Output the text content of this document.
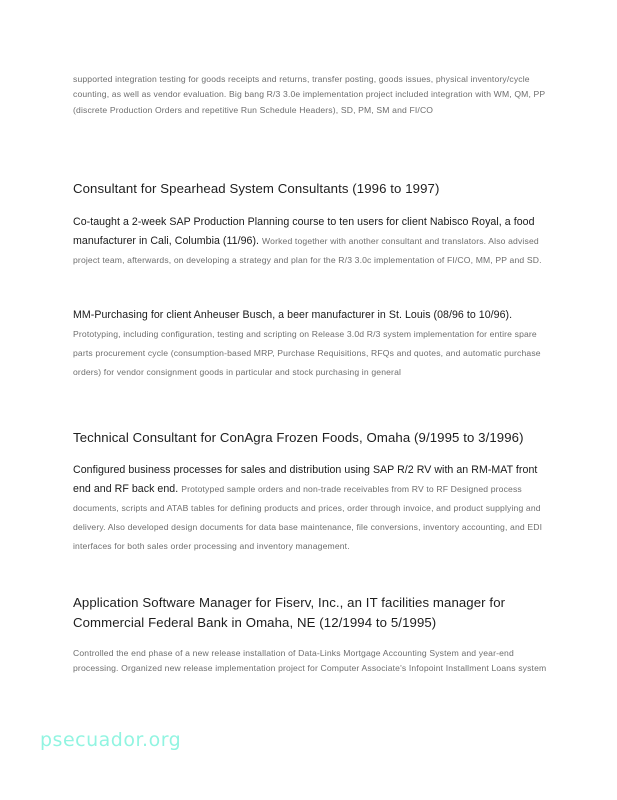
supported integration testing for goods receipts and returns, transfer posting, goods issues, physical inventory/cycle counting, as well as vendor evaluation. Big bang R/3 3.0e implementation project included integration with WM, QM, PP (discrete Production Orders and repetitive Run Schedule Headers), SD, PM, SM and FI/CO
Consultant for Spearhead System Consultants (1996 to 1997)
Co-taught a 2-week SAP Production Planning course to ten users for client Nabisco Royal, a food manufacturer in Cali, Columbia (11/96). Worked together with another consultant and translators. Also advised project team, afterwards, on developing a strategy and plan for the R/3 3.0c implementation of FI/CO, MM, PP and SD.
MM-Purchasing for client Anheuser Busch, a beer manufacturer in St. Louis (08/96 to 10/96). Prototyping, including configuration, testing and scripting on Release 3.0d R/3 system implementation for entire spare parts procurement cycle (consumption-based MRP, Purchase Requisitions, RFQs and quotes, and automatic purchase orders) for vendor consignment goods in particular and stock purchasing in general
Technical Consultant for ConAgra Frozen Foods, Omaha (9/1995 to 3/1996)
Configured business processes for sales and distribution using SAP R/2 RV with an RM-MAT front end and RF back end. Prototyped sample orders and non-trade receivables from RV to RF Designed process documents, scripts and ATAB tables for defining products and prices, order through invoice, and product supplying and delivery. Also developed design documents for data base maintenance, file conversions, inventory accounting, and EDI interfaces for both sales order processing and inventory management.
Application Software Manager for Fiserv, Inc., an IT facilities manager for Commercial Federal Bank in Omaha, NE (12/1994 to 5/1995)
Controlled the end phase of a new release installation of Data-Links Mortgage Accounting System and year-end processing. Organized new release implementation project for Computer Associate's Infopoint Installment Loans system
psecuador.org
